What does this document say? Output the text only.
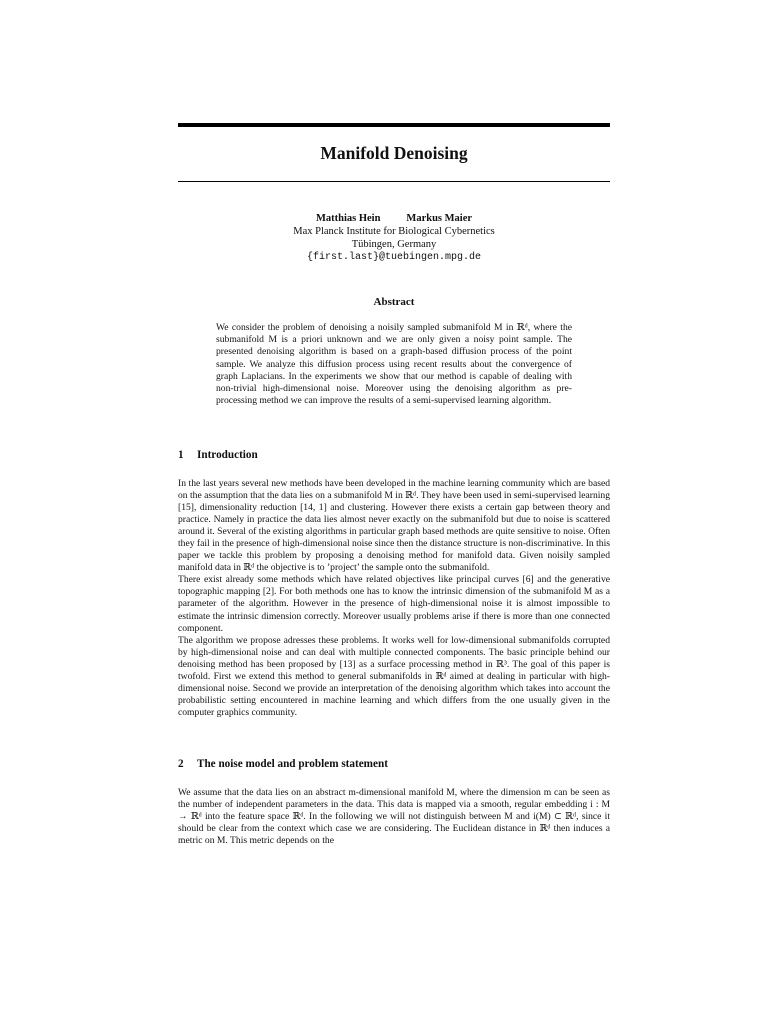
Manifold Denoising
Matthias Hein Markus Maier
Max Planck Institute for Biological Cybernetics
Tübingen, Germany
{first.last}@tuebingen.mpg.de
Abstract

We consider the problem of denoising a noisily sampled submanifold M in ℝᵈ, where the submanifold M is a priori unknown and we are only given a noisy point sample. The presented denoising algorithm is based on a graph-based diffusion process of the point sample. We analyze this diffusion process using recent results about the convergence of graph Laplacians. In the experiments we show that our method is capable of dealing with non-trivial high-dimensional noise. Moreover using the denoising algorithm as pre-processing method we can improve the results of a semi-supervised learning algorithm.

1 Introduction

In the last years several new methods have been developed in the machine learning community which are based on the assumption that the data lies on a submanifold M in ℝᵈ. They have been used in semi-supervised learning [15], dimensionality reduction [14, 1] and clustering. However there exists a certain gap between theory and practice. Namely in practice the data lies almost never exactly on the submanifold but due to noise is scattered around it. Several of the existing algorithms in particular graph based methods are quite sensitive to noise. Often they fail in the presence of high-dimensional noise since then the distance structure is non-discriminative. In this paper we tackle this problem by proposing a denoising method for manifold data. Given noisily sampled manifold data in ℝᵈ the objective is to ’project’ the sample onto the submanifold.

There exist already some methods which have related objectives like principal curves [6] and the generative topographic mapping [2]. For both methods one has to know the intrinsic dimension of the submanifold M as a parameter of the algorithm. However in the presence of high-dimensional noise it is almost impossible to estimate the intrinsic dimension correctly. Moreover usually problems arise if there is more than one connected component.

The algorithm we propose adresses these problems. It works well for low-dimensional submanifolds corrupted by high-dimensional noise and can deal with multiple connected components. The basic principle behind our denoising method has been proposed by [13] as a surface processing method in ℝ³. The goal of this paper is twofold. First we extend this method to general submanifolds in ℝᵈ aimed at dealing in particular with high-dimensional noise. Second we provide an interpretation of the denoising algorithm which takes into account the probabilistic setting encountered in machine learning and which differs from the one usually given in the computer graphics community.

2 The noise model and problem statement

We assume that the data lies on an abstract m-dimensional manifold M, where the dimension m can be seen as the number of independent parameters in the data. This data is mapped via a smooth, regular embedding i : M → ℝᵈ into the feature space ℝᵈ. In the following we will not distinguish between M and i(M) ⊂ ℝᵈ, since it should be clear from the context which case we are considering. The Euclidean distance in ℝᵈ then induces a metric on M. This metric depends on the
